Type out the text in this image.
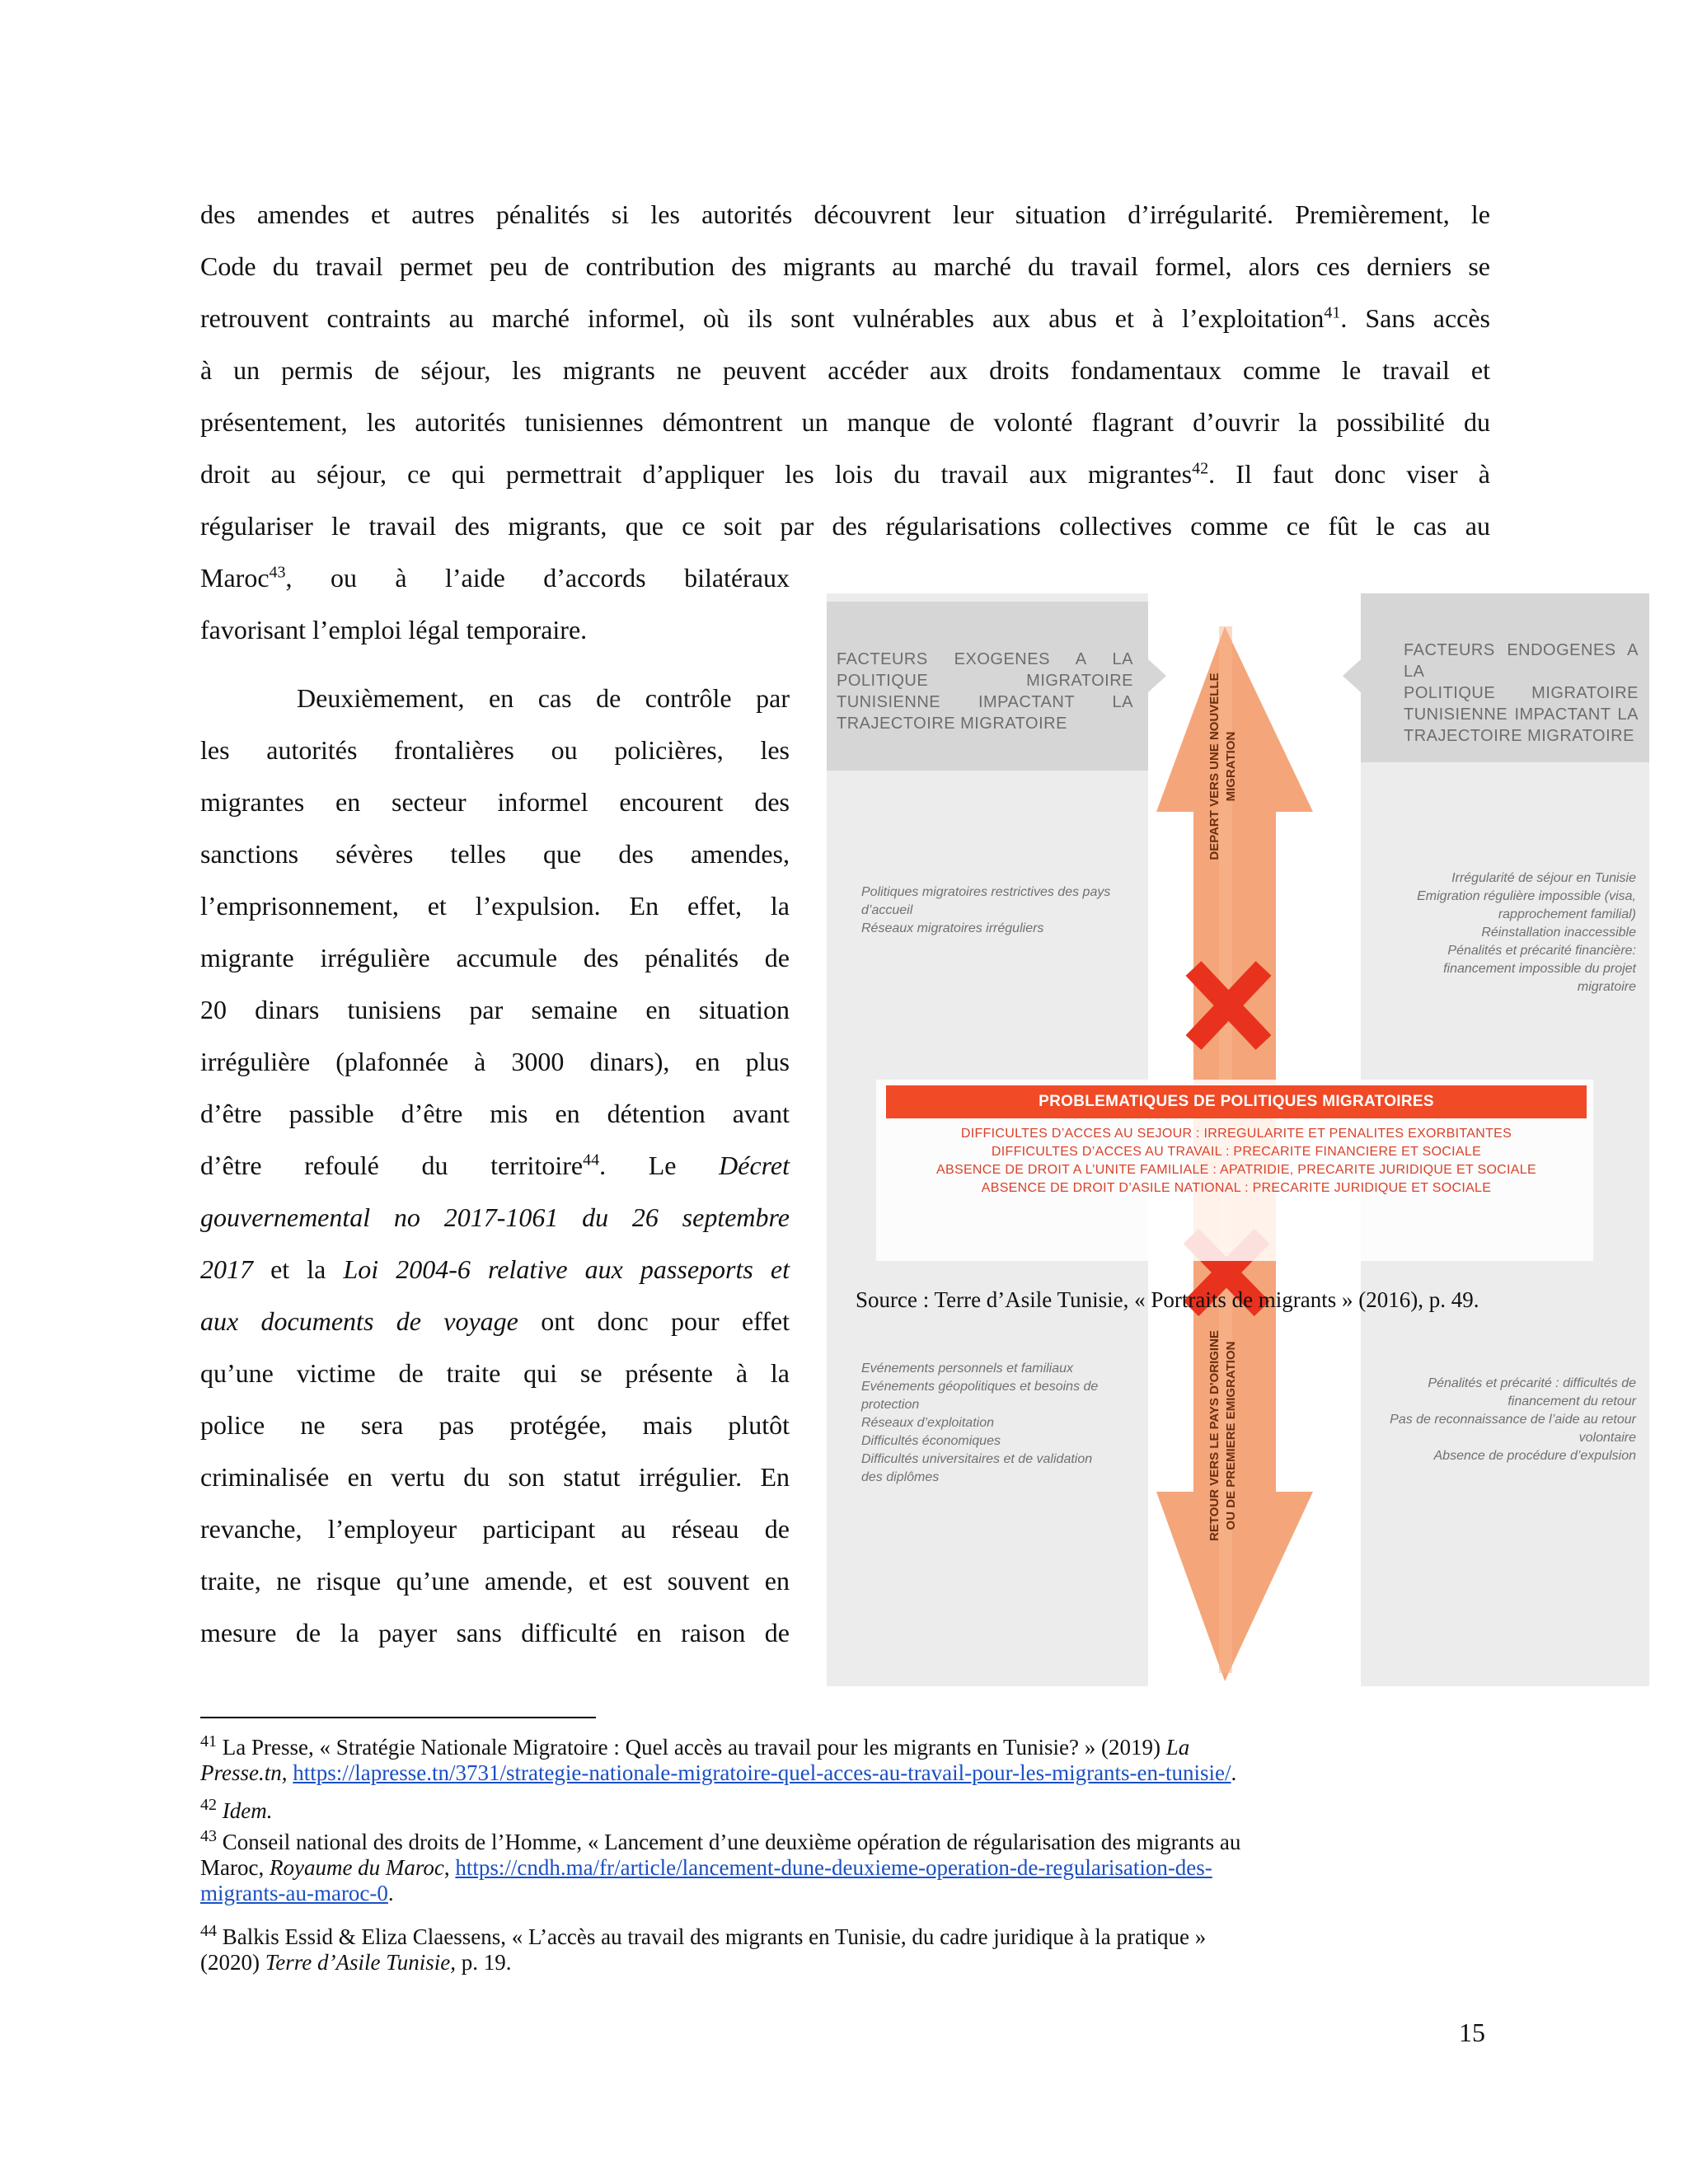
des amendes et autres pénalités si les autorités découvrent leur situation d’irrégularité. Premièrement, le
Code du travail permet peu de contribution des migrants au marché du travail formel, alors ces derniers se
retrouvent contraints au marché informel, où ils sont vulnérables aux abus et à l’exploitation$^{41}$. Sans accès
à un permis de séjour, les migrants ne peuvent accéder aux droits fondamentaux comme le travail et
présentement, les autorités tunisiennes démontrent un manque de volonté flagrant d’ouvrir la possibilité du
droit au séjour, ce qui permettrait d’appliquer les lois du travail aux migrantes$^{42}$. Il faut donc viser à
régulariser le travail des migrants, que ce soit par des régularisations collectives comme ce fût le cas au
Maroc$^{43}$, ou à l’aide d’accords bilatéraux
favorisant l’emploi légal temporaire.
Deuxièmement, en cas de contrôle par
les autorités frontalières ou policières, les
migrantes en secteur informel encourent des
sanctions sévères telles que des amendes,
l’emprisonnement, et l’expulsion. En effet, la
migrante irrégulière accumule des pénalités de
20 dinars tunisiens par semaine en situation
irrégulière (plafonnée à 3000 dinars), en plus
d’être passible d’être mis en détention avant
d’être refoulé du territoire$^{44}$. Le Décret
gouvernemental no 2017-1061 du 26 septembre
2017 et la Loi 2004-6 relative aux passeports et
aux documents de voyage ont donc pour effet
qu’une victime de traite qui se présente à la
police ne sera pas protégée, mais plutôt
criminalisée en vertu du son statut irrégulier. En
revanche, l’employeur participant au réseau de
traite, ne risque qu’une amende, et est souvent en
mesure de la payer sans difficulté en raison de
FACTEURS EXOGENES A LA
POLITIQUE MIGRATOIRE
TUNISIENNE IMPACTANT LA
TRAJECTOIRE MIGRATOIRE
FACTEURS ENDOGENES A LA
POLITIQUE MIGRATOIRE
TUNISIENNE IMPACTANT LA
TRAJECTOIRE MIGRATOIRE
DEPART VERS UNE NOUVELLE MIGRATION
RETOUR VERS LE PAYS D'ORIGINE OU DE PREMIERE EMIGRATION
Politiques migratoires restrictives des pays
d’accueil
Réseaux migratoires irréguliers
Irrégularité de séjour en Tunisie
Emigration régulière impossible (visa,
rapprochement familial)
Réinstallation inaccessible
Pénalités et précarité financière:
financement impossible du projet
migratoire
PROBLEMATIQUES DE POLITIQUES MIGRATOIRES
DIFFICULTES D’ACCES AU SEJOUR : IRREGULARITE ET PENALITES EXORBITANTES
DIFFICULTES D’ACCES AU TRAVAIL : PRECARITE FINANCIERE ET SOCIALE
ABSENCE DE DROIT A L’UNITE FAMILIALE : APATRIDIE, PRECARITE JURIDIQUE ET SOCIALE
ABSENCE DE DROIT D’ASILE NATIONAL : PRECARITE JURIDIQUE ET SOCIALE
Evénements personnels et familiaux
Evénements géopolitiques et besoins de
protection
Réseaux d’exploitation
Difficultés économiques
Difficultés universitaires et de validation
des diplômes
Pénalités et précarité : difficultés de
financement du retour
Pas de reconnaissance de l’aide au retour
volontaire
Absence de procédure d’expulsion
Source : Terre d’Asile Tunisie, « Portraits de migrants » (2016), p. 49.
$^{41}$ La Presse, « Stratégie Nationale Migratoire : Quel accès au travail pour les migrants en Tunisie? » (2019) La
Presse.tn, https://lapresse.tn/3731/strategie-nationale-migratoire-quel-acces-au-travail-pour-les-migrants-en-tunisie/.
$^{42}$ Idem.
$^{43}$ Conseil national des droits de l’Homme, « Lancement d’une deuxième opération de régularisation des migrants au
Maroc, Royaume du Maroc, https://cndh.ma/fr/article/lancement-dune-deuxieme-operation-de-regularisation-des-
migrants-au-maroc-0.
$^{44}$ Balkis Essid & Eliza Claessens, « L’accès au travail des migrants en Tunisie, du cadre juridique à la pratique »
(2020) Terre d’Asile Tunisie, p. 19.
15
